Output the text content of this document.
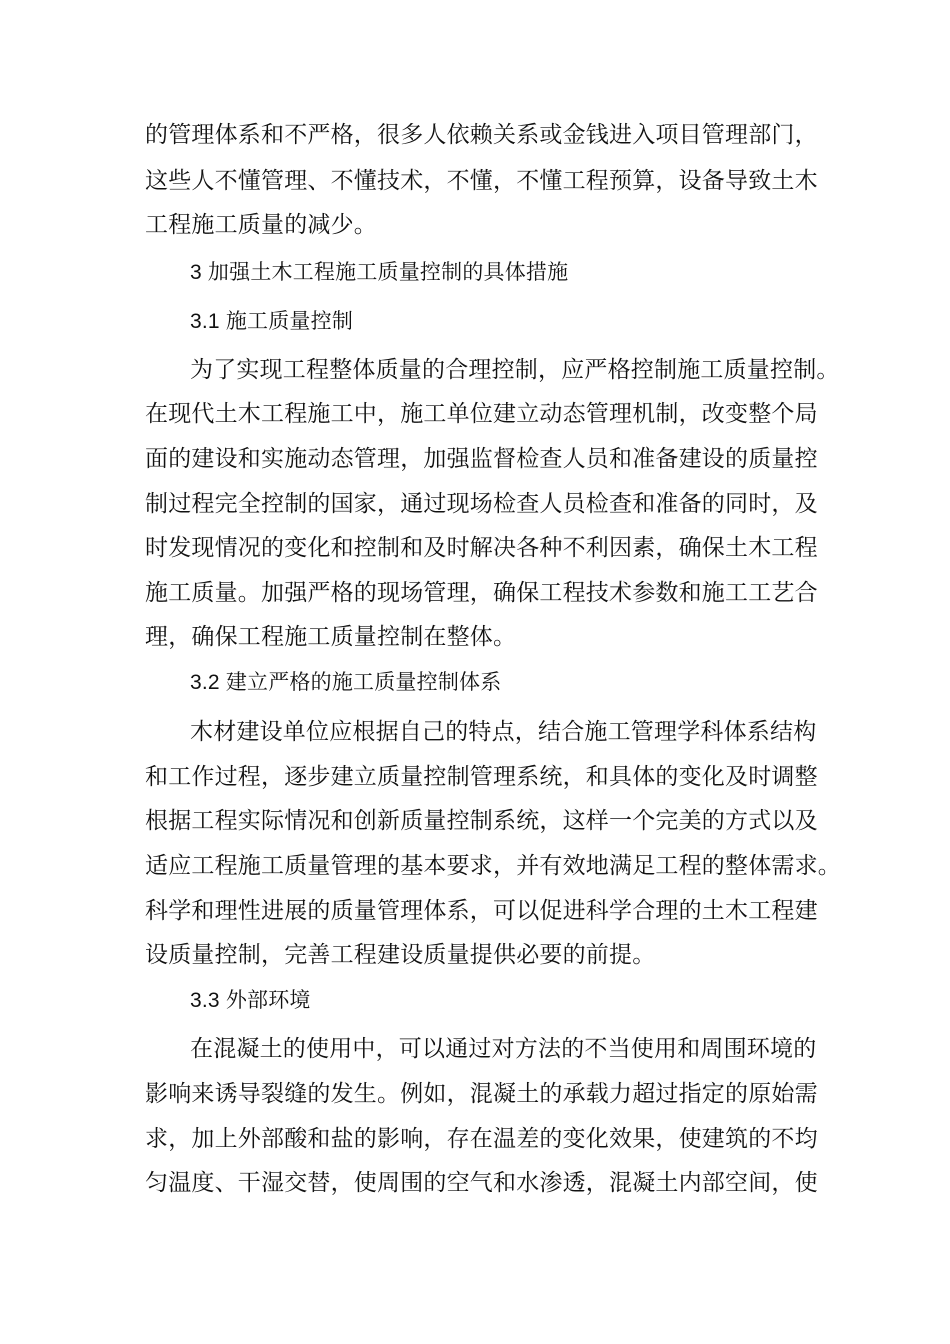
的管理体系和不严格，很多人依赖关系或金钱进入项目管理部门，
这些人不懂管理、不懂技术，不懂，不懂工程预算，设备导致土木
工程施工质量的减少。
3 加强土木工程施工质量控制的具体措施
3.1 施工质量控制
为了实现工程整体质量的合理控制，应严格控制施工质量控制。
在现代土木工程施工中，施工单位建立动态管理机制，改变整个局
面的建设和实施动态管理，加强监督检查人员和准备建设的质量控
制过程完全控制的国家，通过现场检查人员检查和准备的同时，及
时发现情况的变化和控制和及时解决各种不利因素，确保土木工程
施工质量。加强严格的现场管理，确保工程技术参数和施工工艺合
理，确保工程施工质量控制在整体。
3.2 建立严格的施工质量控制体系
木材建设单位应根据自己的特点，结合施工管理学科体系结构
和工作过程，逐步建立质量控制管理系统，和具体的变化及时调整
根据工程实际情况和创新质量控制系统，这样一个完美的方式以及
适应工程施工质量管理的基本要求，并有效地满足工程的整体需求。
科学和理性进展的质量管理体系，可以促进科学合理的土木工程建
设质量控制，完善工程建设质量提供必要的前提。
3.3 外部环境
在混凝土的使用中，可以通过对方法的不当使用和周围环境的
影响来诱导裂缝的发生。例如，混凝土的承载力超过指定的原始需
求，加上外部酸和盐的影响，存在温差的变化效果，使建筑的不均
匀温度、干湿交替，使周围的空气和水渗透，混凝土内部空间，使
